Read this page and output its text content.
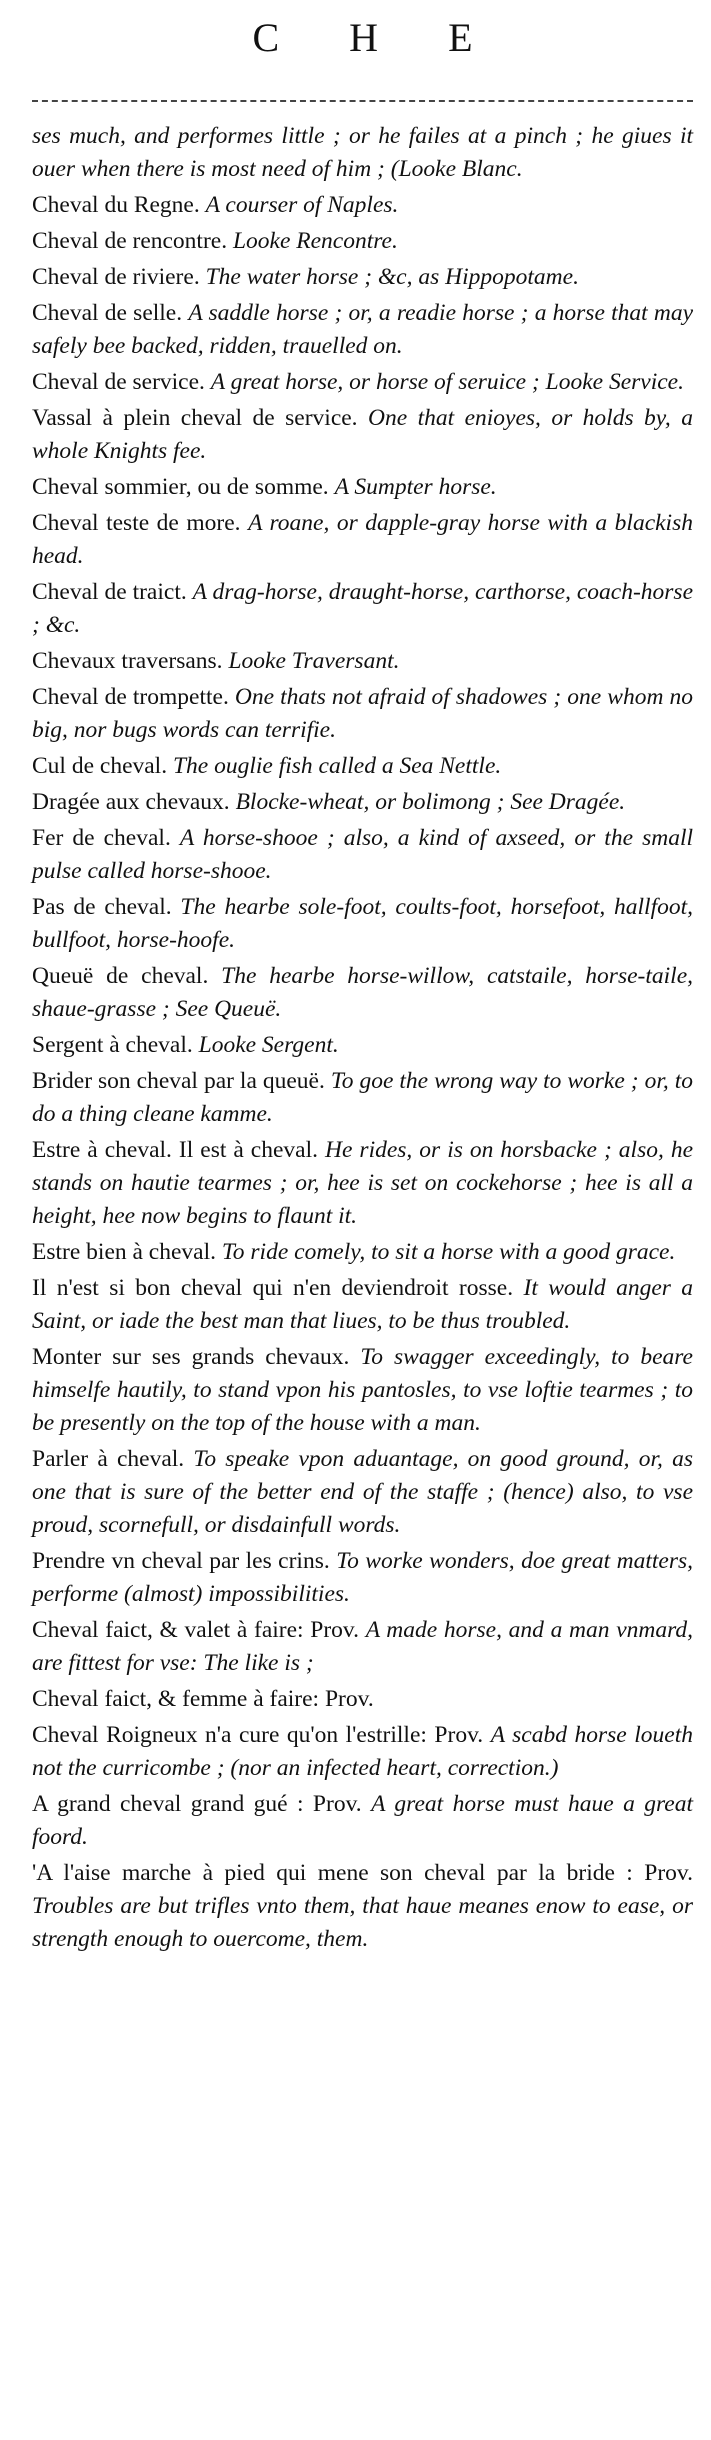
C H E

ses much, and performes little ; or he failes at a pinch ; he giues it ouer when there is most need of him ; (Looke Blanc.

Cheval du Regne. A courser of Naples.

Cheval de rencontre. Looke Rencontre.

Cheval de riviere. The water horse ; &c, as Hippopotame.

Cheval de selle. A saddle horse ; or, a readie horse ; a horse that may safely bee backed, ridden, trauelled on.

Cheval de service. A great horse, or horse of seruice ; Looke Service.

Vassal à plein cheval de service. One that enioyes, or holds by, a whole Knights fee.

Cheval sommier, ou de somme. A Sumpter horse.

Cheval teste de more. A roane, or dapple-gray horse with a blackish head.

Cheval de traict. A drag-horse, draught-horse, carthorse, coach-horse ; &c.

Chevaux traversans. Looke Traversant.

Cheval de trompette. One thats not afraid of shadowes ; one whom no big, nor bugs words can terrifie.

Cul de cheval. The ouglie fish called a Sea Nettle.

Dragée aux chevaux. Blocke-wheat, or bolimong ; See Dragée.

Fer de cheval. A horse-shooe ; also, a kind of axseed, or the small pulse called horse-shooe.

Pas de cheval. The hearbe sole-foot, coults-foot, horsefoot, hallfoot, bullfoot, horse-hoofe.

Queuë de cheval. The hearbe horse-willow, catstaile, horse-taile, shaue-grasse ; See Queuë.

Sergent à cheval. Looke Sergent.

Brider son cheval par la queuë. To goe the wrong way to worke ; or, to do a thing cleane kamme.

Estre à cheval. Il est à cheval. He rides, or is on horsbacke ; also, he stands on hautie tearmes ; or, hee is set on cockehorse ; hee is all a height, hee now begins to flaunt it.

Estre bien à cheval. To ride comely, to sit a horse with a good grace.

Il n'est si bon cheval qui n'en deviendroit rosse. It would anger a Saint, or iade the best man that liues, to be thus troubled.

Monter sur ses grands chevaux. To swagger exceedingly, to beare himselfe hautily, to stand vpon his pantosles, to vse loftie tearmes ; to be presently on the top of the house with a man.

Parler à cheval. To speake vpon aduantage, on good ground, or, as one that is sure of the better end of the staffe ; (hence) also, to vse proud, scornefull, or disdainfull words.

Prendre vn cheval par les crins. To worke wonders, doe great matters, performe (almost) impossibilities.

Cheval faict, & valet à faire: Prov. A made horse, and a man vnmard, are fittest for vse: The like is ;

Cheval faict, & femme à faire: Prov.

Cheval Roigneux n'a cure qu'on l'estrille: Prov. A scabd horse loueth not the curricombe ; (nor an infected heart, correction.)

A grand cheval grand gué : Prov. A great horse must haue a great foord.

'A l'aise marche à pied qui mene son cheval par la bride : Prov. Troubles are but trifles vnto them, that haue meanes enow to ease, or strength enough to ouercome, them.
